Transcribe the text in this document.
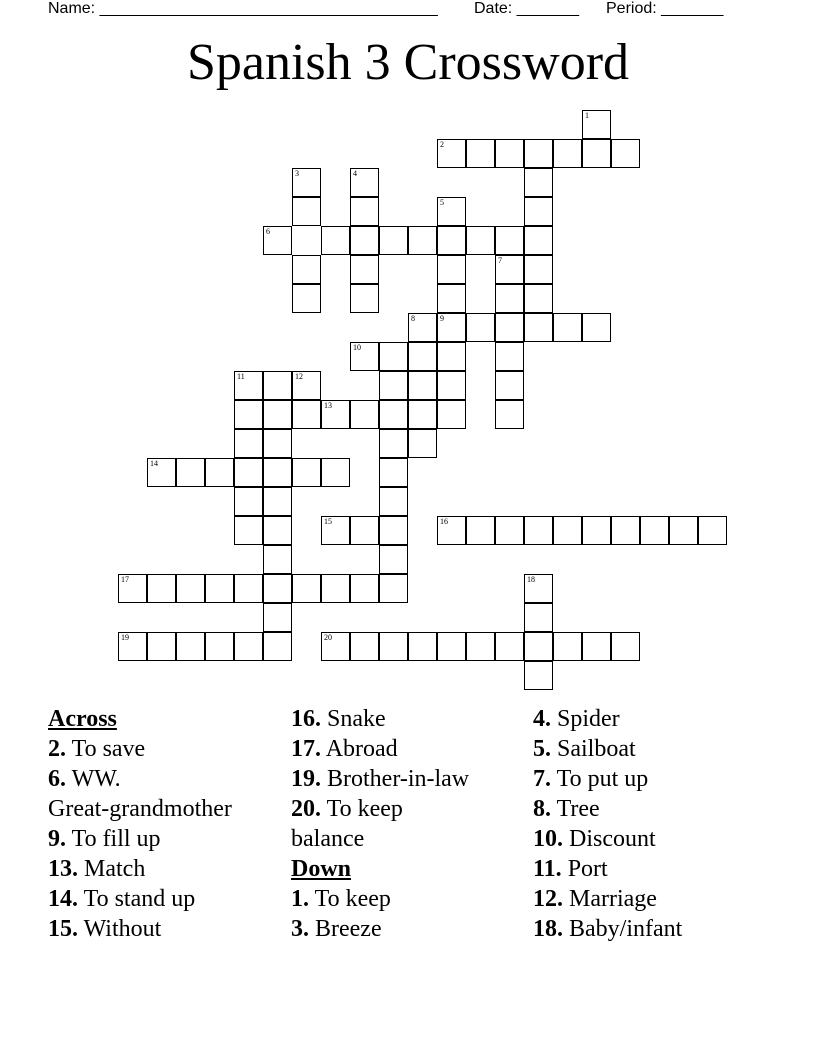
Name: ______________________________________ Date: _______ Period: _______
Spanish 3 Crossword
2
3	4
5
7
8
11
13
14
15	16
17	18
19	20
1
6
9
10
12
Across
2. To save
6. WW.
Great-grandmother
9. To fill up
13. Match
14. To stand up
15. Without
16. Snake
17. Abroad
19. Brother-in-law
20. To keep
balance
Down
1. To keep
3. Breeze
4. Spider
5. Sailboat
7. To put up
8. Tree
10. Discount
11. Port
12. Marriage
18. Baby/infant
